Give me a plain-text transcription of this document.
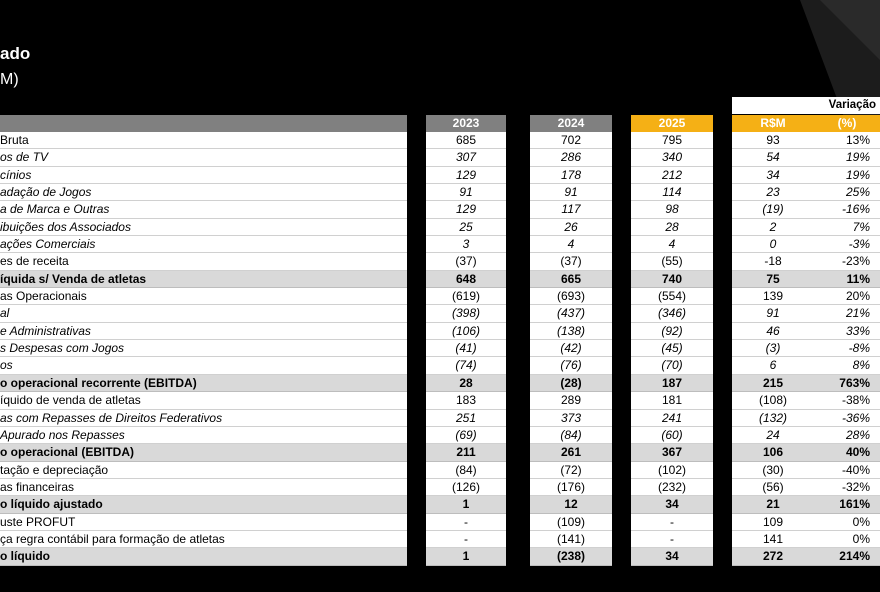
ado
M)
Variação
Bruta
os de TV
cínios
adação de Jogos
a de Marca e Outras
ibuições dos Associados
ações Comerciais
es de receita
íquida s/ Venda de atletas
as Operacionais
al
e Administrativas
s Despesas com Jogos
os
o operacional recorrente (EBITDA)
íquido de venda de atletas
as com Repasses de Direitos Federativos
Apurado nos Repasses
o operacional (EBITDA)
tação e depreciação
as financeiras
o líquido ajustado
uste PROFUT
ça regra contábil para formação de atletas
o líquido
2023
685
307
129
91
129
25
3
(37)
648
(619)
(398)
(106)
(41)
(74)
28
183
251
(69)
211
(84)
(126)
1
-
-
1
2024
702
286
178
91
117
26
4
(37)
665
(693)
(437)
(138)
(42)
(76)
(28)
289
373
(84)
261
(72)
(176)
12
(109)
(141)
(238)
2025
795
340
212
114
98
28
4
(55)
740
(554)
(346)
(92)
(45)
(70)
187
181
241
(60)
367
(102)
(232)
34
-
-
34
R$M
93
54
34
23
(19)
2
0
-18
75
139
91
46
(3)
6
215
(108)
(132)
24
106
(30)
(56)
21
109
141
272
(%)
13%
19%
19%
25%
-16%
7%
-3%
-23%
11%
20%
21%
33%
-8%
8%
763%
-38%
-36%
28%
40%
-40%
-32%
161%
0%
0%
214%
